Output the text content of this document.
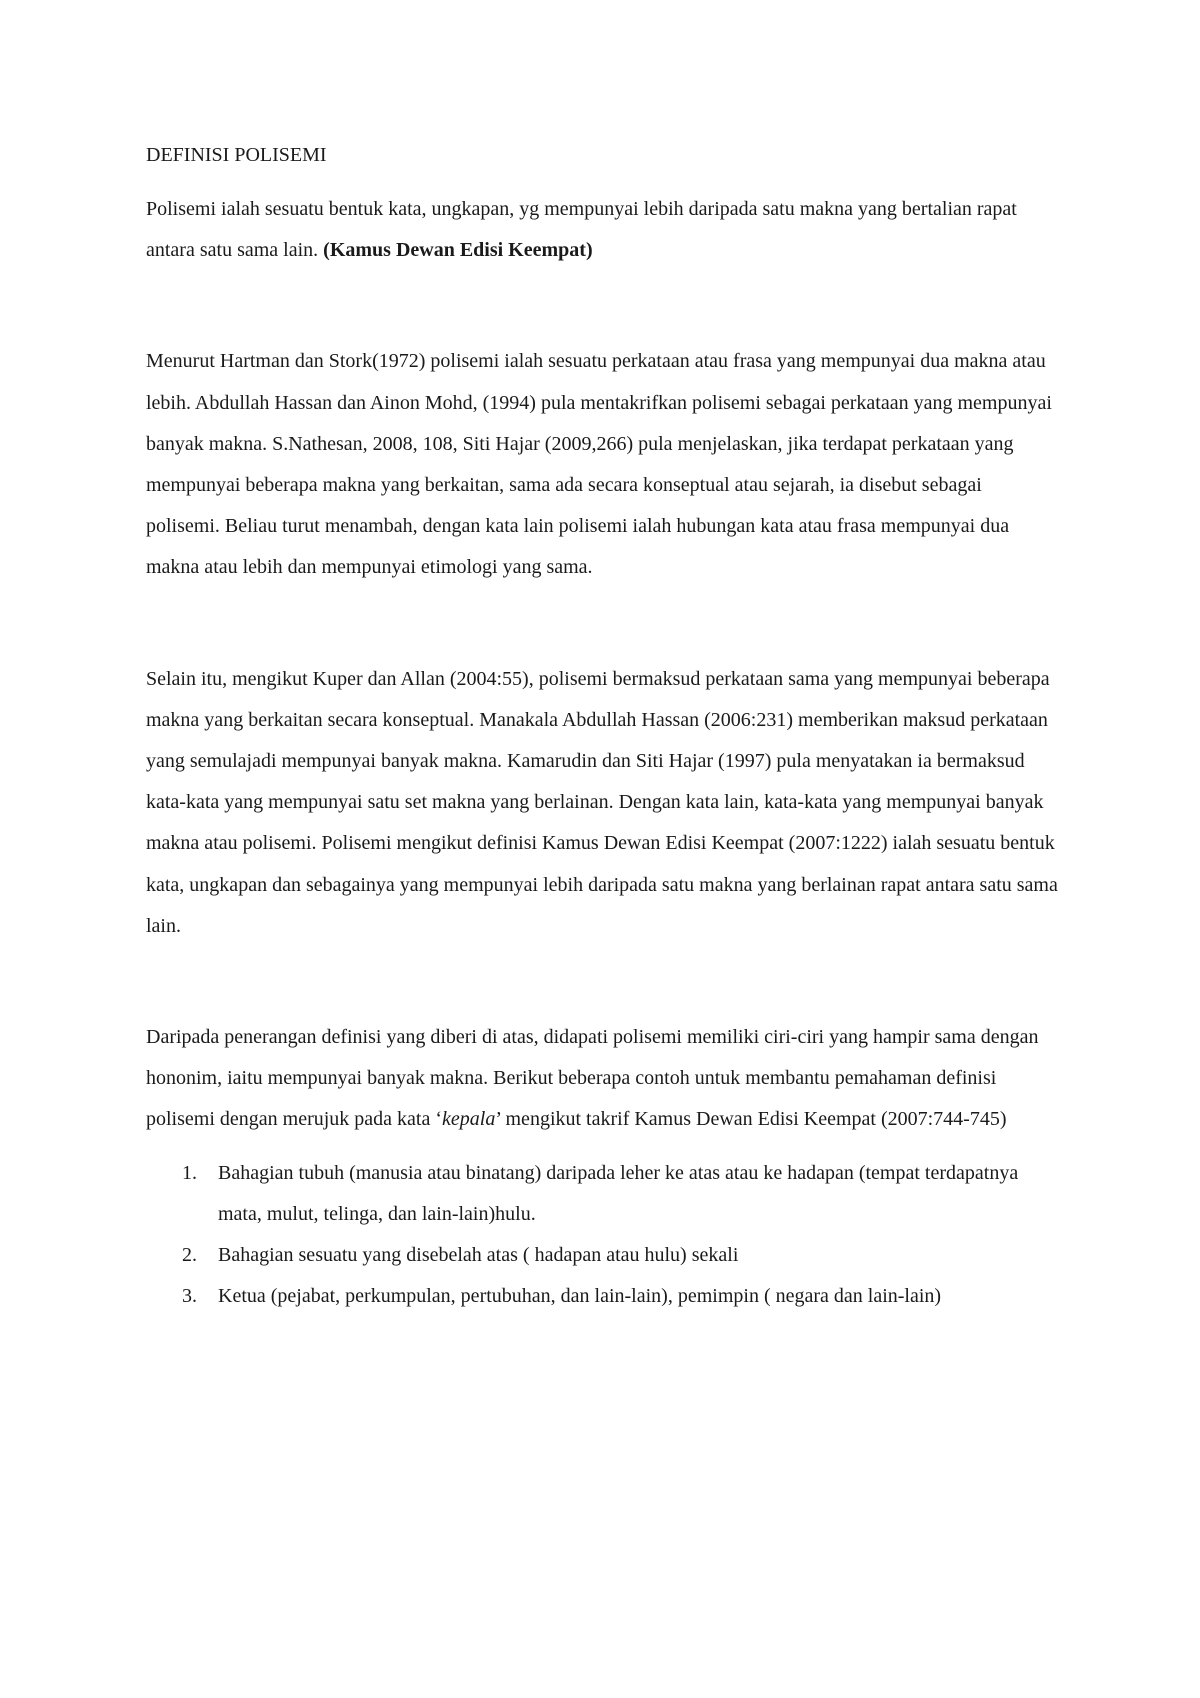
DEFINISI POLISEMI

Polisemi ialah sesuatu bentuk kata, ungkapan, yg mempunyai lebih daripada satu makna yang bertalian rapat antara satu sama lain. (Kamus Dewan Edisi Keempat)

Menurut Hartman dan Stork(1972) polisemi ialah sesuatu perkataan atau frasa yang mempunyai dua makna atau lebih. Abdullah Hassan dan Ainon Mohd, (1994) pula mentakrifkan polisemi sebagai perkataan yang mempunyai banyak makna. S.Nathesan, 2008, 108, Siti Hajar (2009,266) pula menjelaskan, jika terdapat perkataan yang mempunyai beberapa makna yang berkaitan, sama ada secara konseptual atau sejarah, ia disebut sebagai polisemi. Beliau turut menambah, dengan kata lain polisemi ialah hubungan kata atau frasa mempunyai dua makna atau lebih dan mempunyai etimologi yang sama.

Selain itu, mengikut Kuper dan Allan (2004:55), polisemi bermaksud perkataan sama yang mempunyai beberapa makna yang berkaitan secara konseptual. Manakala Abdullah Hassan (2006:231) memberikan maksud perkataan yang semulajadi mempunyai banyak makna. Kamarudin dan Siti Hajar (1997) pula menyatakan ia bermaksud kata-kata yang mempunyai satu set makna yang berlainan. Dengan kata lain, kata-kata yang mempunyai banyak makna atau polisemi. Polisemi mengikut definisi Kamus Dewan Edisi Keempat (2007:1222) ialah sesuatu bentuk kata, ungkapan dan sebagainya yang mempunyai lebih daripada satu makna yang berlainan rapat antara satu sama lain.

Daripada penerangan definisi yang diberi di atas, didapati polisemi memiliki ciri-ciri yang hampir sama dengan hononim, iaitu mempunyai banyak makna. Berikut beberapa contoh untuk membantu pemahaman definisi polisemi dengan merujuk pada kata ‘kepala’ mengikut takrif Kamus Dewan Edisi Keempat (2007:744-745)

1. Bahagian tubuh (manusia atau binatang) daripada leher ke atas atau ke hadapan (tempat terdapatnya mata, mulut, telinga, dan lain-lain)hulu.
2. Bahagian sesuatu yang disebelah atas ( hadapan atau hulu) sekali
3. Ketua (pejabat, perkumpulan, pertubuhan, dan lain-lain), pemimpin ( negara dan lain-lain)
